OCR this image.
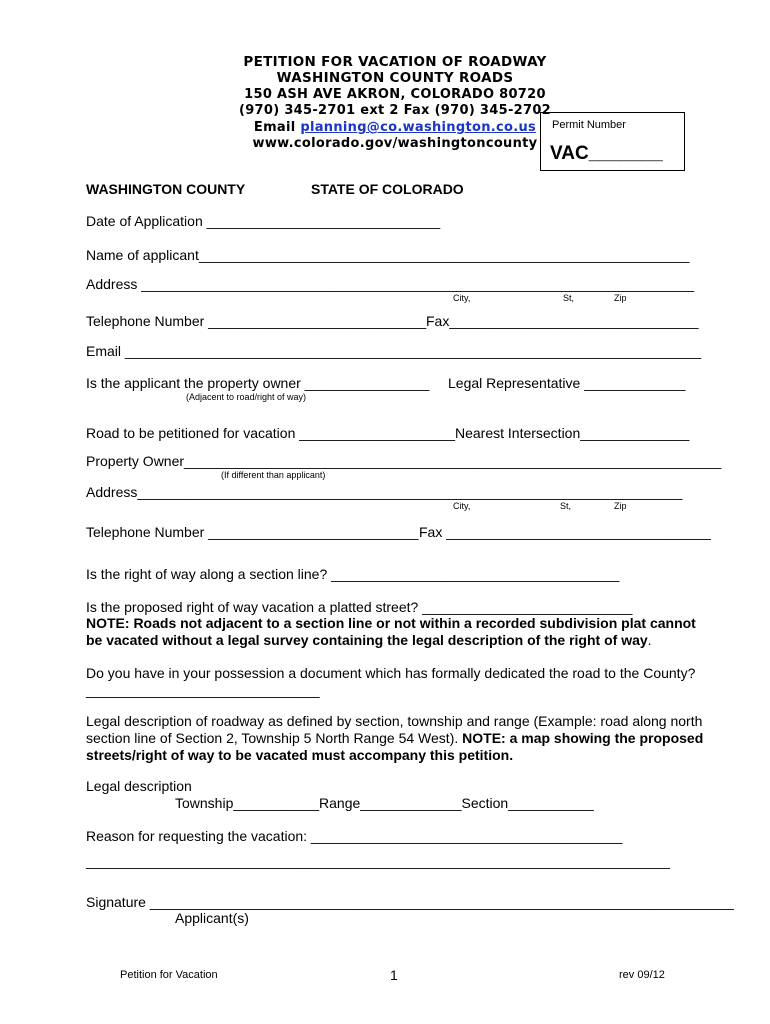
PETITION FOR VACATION OF ROADWAY
WASHINGTON COUNTY ROADS
150 ASH AVE AKRON, COLORADO 80720
(970) 345-2701 ext 2 Fax (970) 345-2702
Email planning@co.washington.co.us
www.colorado.gov/washingtoncounty
Permit Number
VAC_______
WASHINGTON COUNTY	STATE OF COLORADO
Date of Application ______________________________
Name of applicant_______________________________________________________________
Address _______________________________________________________________________
City,	St,	Zip
Telephone Number ____________________________ Fax________________________________
Email __________________________________________________________________________
Is the applicant the property owner ________________
(Adjacent to road/right of way)
Legal Representative _____________
Road to be petitioned for vacation ____________________Nearest Intersection______________
Property Owner_____________________________________________________________________
(If different than applicant)
Address______________________________________________________________________
City,	St,	Zip
Telephone Number ___________________________ Fax __________________________________
Is the right of way along a section line? _____________________________________
Is the proposed right of way vacation a platted street? ___________________________
NOTE: Roads not adjacent to a section line or not within a recorded subdivision plat cannot be vacated without a legal survey containing the legal description of the right of way.
Do you have in your possession a document which has formally dedicated the road to the County?
______________________________
Legal description of roadway as defined by section, township and range (Example: road along north section line of Section 2, Township 5 North Range 54 West). NOTE: a map showing the proposed streets/right of way to be vacated must accompany this petition.
Legal description
Township___________Range_____________Section___________
Reason for requesting the vacation: ________________________________________
___________________________________________________________________________
Signature ___________________________________________________________________________
Applicant(s)
Petition for Vacation	1	rev 09/12
